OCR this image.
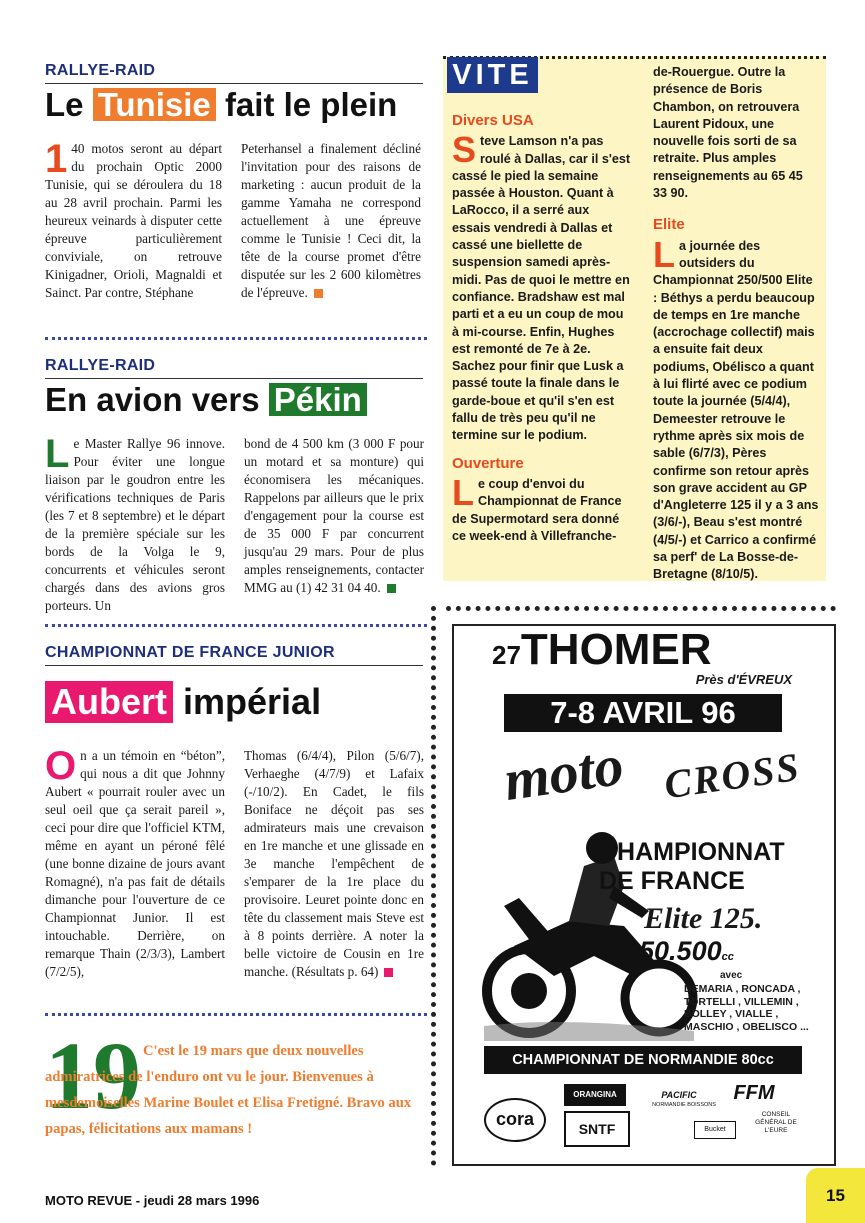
RALLYE-RAID
Le Tunisie fait le plein
1 40 motos seront au départ du prochain Optic 2000 Tunisie, qui se déroulera du 18 au 28 avril prochain. Parmi les heureux veinards à disputer cette épreuve particulièrement conviviale, on retrouve Kinigadner, Orioli, Magnaldi et Sainct. Par contre, Stéphane

Peterhansel a finalement décliné l'invitation pour des raisons de marketing : aucun produit de la gamme Yamaha ne correspond actuellement à une épreuve comme le Tunisie ! Ceci dit, la tête de la course promet d'être disputée sur les 2 600 kilomètres de l'épreuve.

RALLYE-RAID
En avion vers Pékin
L e Master Rallye 96 innove. Pour éviter une longue liaison par le goudron entre les vérifications techniques de Paris (les 7 et 8 septembre) et le départ de la première spéciale sur les bords de la Volga le 9, concurrents et véhicules seront chargés dans des avions gros porteurs. Un

bond de 4 500 km (3 000 F pour un motard et sa monture) qui économisera les mécaniques. Rappelons par ailleurs que le prix d'engagement pour la course est de 35 000 F par concurrent jusqu'au 29 mars. Pour de plus amples renseignements, contacter MMG au (1) 42 31 04 40.

CHAMPIONNAT DE FRANCE JUNIOR
Aubert impérial
O n a un témoin en “béton”, qui nous a dit que Johnny Aubert « pourrait rouler avec un seul oeil que ça serait pareil », ceci pour dire que l'officiel KTM, même en ayant un péroné fêlé (une bonne dizaine de jours avant Romagné), n'a pas fait de détails dimanche pour l'ouverture de ce Championnat Junior. Il est intouchable. Derrière, on remarque Thain (2/3/3), Lambert (7/2/5),

Thomas (6/4/4), Pilon (5/6/7), Verhaeghe (4/7/9) et Lafaix (-/10/2). En Cadet, le fils Boniface ne déçoit pas ses admirateurs mais une crevaison en 1re manche et une glissade en 3e manche l'empêchent de s'emparer de la 1re place du provisoire. Leuret pointe donc en tête du classement mais Steve est à 8 points derrière. A noter la belle victoire de Cousin en 1re manche. (Résultats p. 64)

19 C'est le 19 mars que deux nouvelles admiratrices de l'enduro ont vu le jour. Bienvenues à mesdemoiselles Marine Boulet et Elisa Fretigné. Bravo aux papas, félicitations aux mamans !
VITE
Divers USA
S teve Lamson n'a pas roulé à Dallas, car il s'est cassé le pied la semaine passée à Houston. Quant à LaRocco, il a serré aux essais vendredi à Dallas et cassé une biellette de suspension samedi après-midi. Pas de quoi le mettre en confiance. Bradshaw est mal parti et a eu un coup de mou à mi-course. Enfin, Hughes est remonté de 7e à 2e. Sachez pour finir que Lusk a passé toute la finale dans le garde-boue et qu'il s'en est fallu de très peu qu'il ne termine sur le podium.

Ouverture
L e coup d'envoi du Championnat de France de Supermotard sera donné ce week-end à Villefranche-

de-Rouergue. Outre la présence de Boris Chambon, on retrouvera Laurent Pidoux, une nouvelle fois sorti de sa retraite. Plus amples renseignements au 65 45 33 90.

Elite
L a journée des outsiders du Championnat 250/500 Elite : Béthys a perdu beaucoup de temps en 1re manche (accrochage collectif) mais a ensuite fait deux podiums, Obélisco a quant à lui flirté avec ce podium toute la journée (5/4/4), Demeester retrouve le rythme après six mois de sable (6/7/3), Pères confirme son retour après son grave accident au GP d'Angleterre 125 il y a 3 ans (3/6/-), Beau s'est montré (4/5/-) et Carrico a confirmé sa perf' de La Bosse-de-Bretagne (8/10/5).

27THOMER
Près d'ÉVREUX
7-8 AVRIL 96
moto CROSS
CHAMPIONNAT
DE FRANCE
Elite 125.
250.500cc
avec
DEMARIA , RONCADA ,
TORTELLI , VILLEMIN ,
BOLLEY , VIALLE ,
MASCHIO , OBELISCO ...
CHAMPIONNAT DE NORMANDIE 80cc
ORANGINA	PACIFIC	FFM
cora	SNTF
NORMANDIE BOISSONS
Bucket
CONSEIL GÉNÉRAL DE L'EURE
MOTO REVUE - jeudi 28 mars 1996	15
